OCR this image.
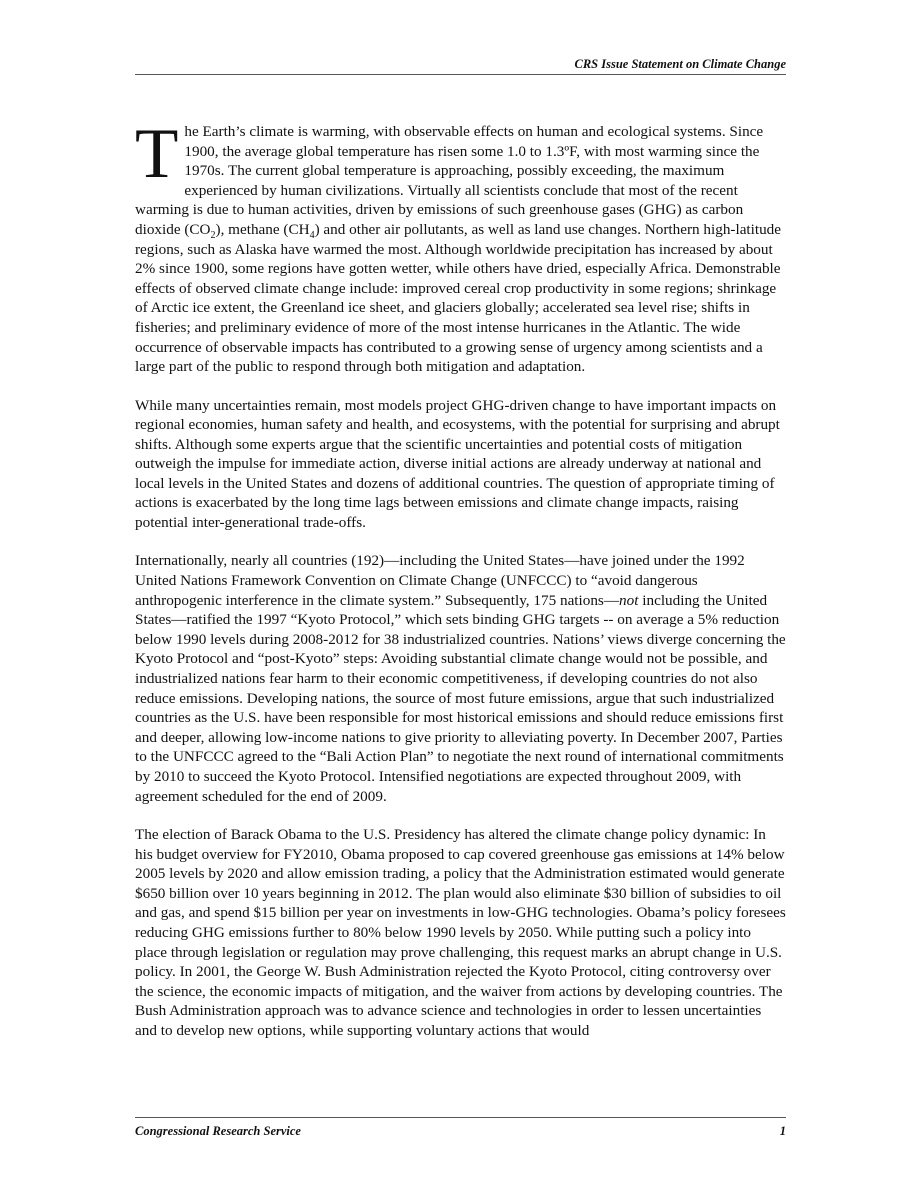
CRS Issue Statement on Climate Change

The Earth’s climate is warming, with observable effects on human and ecological systems. Since 1900, the average global temperature has risen some 1.0 to 1.3ºF, with most warming since the 1970s. The current global temperature is approaching, possibly exceeding, the maximum experienced by human civilizations. Virtually all scientists conclude that most of the recent warming is due to human activities, driven by emissions of such greenhouse gases (GHG) as carbon dioxide $(CO_2)$, methane $(CH_4)$ and other air pollutants, as well as land use changes. Northern high-latitude regions, such as Alaska have warmed the most. Although worldwide precipitation has increased by about 2% since 1900, some regions have gotten wetter, while others have dried, especially Africa. Demonstrable effects of observed climate change include: improved cereal crop productivity in some regions; shrinkage of Arctic ice extent, the Greenland ice sheet, and glaciers globally; accelerated sea level rise; shifts in fisheries; and preliminary evidence of more of the most intense hurricanes in the Atlantic. The wide occurrence of observable impacts has contributed to a growing sense of urgency among scientists and a large part of the public to respond through both mitigation and adaptation.

While many uncertainties remain, most models project GHG-driven change to have important impacts on regional economies, human safety and health, and ecosystems, with the potential for surprising and abrupt shifts. Although some experts argue that the scientific uncertainties and potential costs of mitigation outweigh the impulse for immediate action, diverse initial actions are already underway at national and local levels in the United States and dozens of additional countries. The question of appropriate timing of actions is exacerbated by the long time lags between emissions and climate change impacts, raising potential inter-generational trade-offs.

Internationally, nearly all countries (192)—including the United States—have joined under the 1992 United Nations Framework Convention on Climate Change (UNFCCC) to “avoid dangerous anthropogenic interference in the climate system.” Subsequently, 175 nations—not including the United States—ratified the 1997 “Kyoto Protocol,” which sets binding GHG targets -- on average a 5% reduction below 1990 levels during 2008-2012 for 38 industrialized countries. Nations’ views diverge concerning the Kyoto Protocol and “post-Kyoto” steps: Avoiding substantial climate change would not be possible, and industrialized nations fear harm to their economic competitiveness, if developing countries do not also reduce emissions. Developing nations, the source of most future emissions, argue that such industrialized countries as the U.S. have been responsible for most historical emissions and should reduce emissions first and deeper, allowing low-income nations to give priority to alleviating poverty. In December 2007, Parties to the UNFCCC agreed to the “Bali Action Plan” to negotiate the next round of international commitments by 2010 to succeed the Kyoto Protocol. Intensified negotiations are expected throughout 2009, with agreement scheduled for the end of 2009.

The election of Barack Obama to the U.S. Presidency has altered the climate change policy dynamic: In his budget overview for FY2010, Obama proposed to cap covered greenhouse gas emissions at 14% below 2005 levels by 2020 and allow emission trading, a policy that the Administration estimated would generate $650 billion over 10 years beginning in 2012. The plan would also eliminate $30 billion of subsidies to oil and gas, and spend $15 billion per year on investments in low-GHG technologies. Obama’s policy foresees reducing GHG emissions further to 80% below 1990 levels by 2050. While putting such a policy into place through legislation or regulation may prove challenging, this request marks an abrupt change in U.S. policy. In 2001, the George W. Bush Administration rejected the Kyoto Protocol, citing controversy over the science, the economic impacts of mitigation, and the waiver from actions by developing countries. The Bush Administration approach was to advance science and technologies in order to lessen uncertainties and to develop new options, while supporting voluntary actions that would

Congressional Research Service	1
